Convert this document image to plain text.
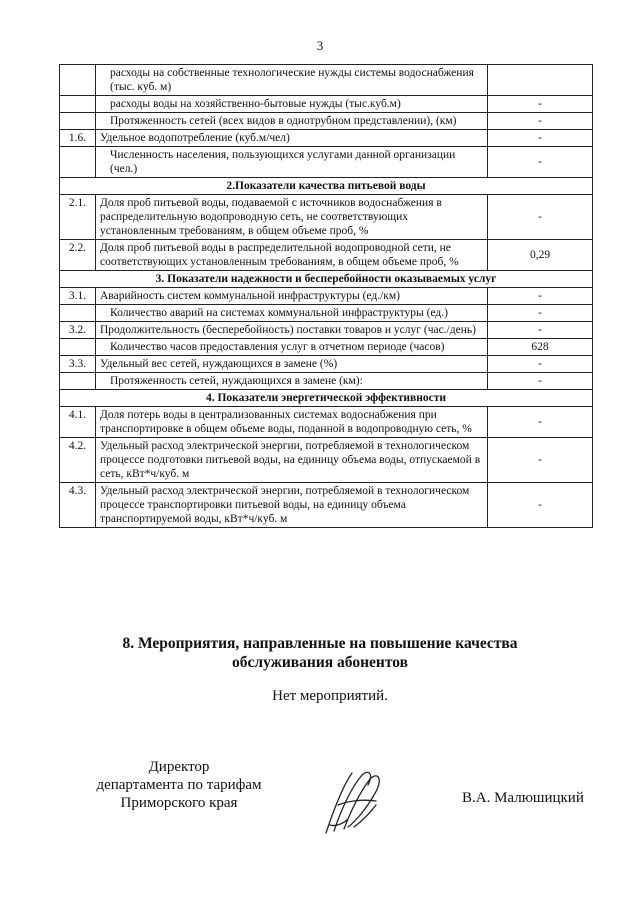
3
	расходы на собственные технологические нужды системы водоснабжения (тыс. куб. м)	
	расходы воды на хозяйственно-бытовые нужды (тыс.куб.м)	-
	Протяженность сетей (всех видов в однотрубном представлении), (км)	-
1.6.	Удельное водопотребление (куб.м/чел)	-
	Численность населения, пользующихся услугами данной организации (чел.)	-
2.Показатели качества питьевой воды		
2.1.	Доля проб питьевой воды, подаваемой с источников водоснабжения в распределительную водопроводную сеть, не соответствующих установленным требованиям, в общем объеме проб, %	-
2.2.	Доля проб питьевой воды в распределительной водопроводной сети, не соответствующих установленным требованиям, в общем объеме проб, %	0,29
3. Показатели надежности и бесперебойности оказываемых услуг		
3.1.	Аварийность систем коммунальной инфраструктуры (ед./км)	-
	Количество аварий на системах коммунальной инфраструктуры (ед.)	-
3.2.	Продолжительность (бесперебойность) поставки товаров и услуг (час./день)	-
	Количество часов предоставления услуг в отчетном периоде (часов)	628
3.3.	Удельный вес сетей, нуждающихся в замене (%)	-
	Протяженность сетей, нуждающихся в замене (км):	-
4. Показатели энергетической эффективности		
4.1.	Доля потерь воды в централизованных системах водоснабжения при транспортировке в общем объеме воды, поданной в водопроводную сеть, %	-
4.2.	Удельный расход электрической энергии, потребляемой в технологическом процессе подготовки питьевой воды, на единицу объема воды, отпускаемой в сеть, кВт*ч/куб. м	-
4.3.	Удельный расход электрической энергии, потребляемой в технологическом процессе транспортировки питьевой воды, на единицу объема транспортируемой воды, кВт*ч/куб. м	-
8. Мероприятия, направленные на повышение качества
обслуживания абонентов
Нет мероприятий.
Директор
департамента по тарифам
Приморского края	В.А. Малюшицкий
